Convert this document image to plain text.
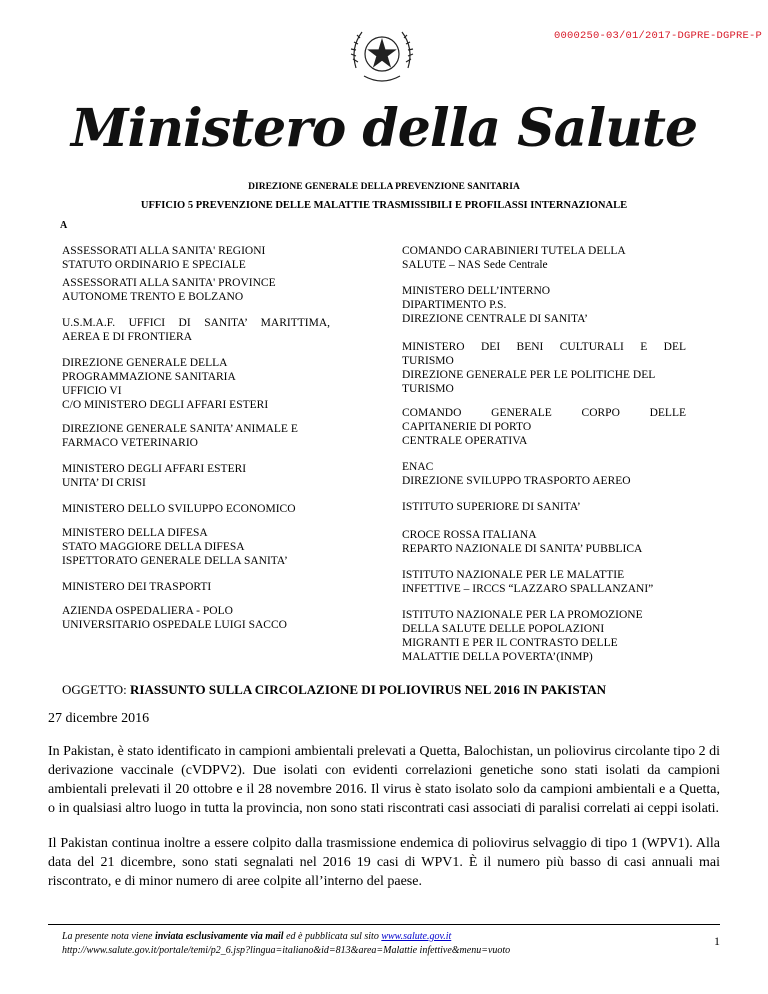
0000250-03/01/2017-DGPRE-DGPRE-P
Ministero della Salute
DIREZIONE GENERALE DELLA PREVENZIONE SANITARIA
UFFICIO 5 PREVENZIONE DELLE MALATTIE TRASMISSIBILI E PROFILASSI INTERNAZIONALE
A
ASSESSORATI ALLA SANITA' REGIONI
STATUTO ORDINARIO E SPECIALE
ASSESSORATI ALLA SANITA' PROVINCE
AUTONOME TRENTO E BOLZANO
U.S.M.A.F. UFFICI DI SANITA’ MARITTIMA,
AEREA E DI FRONTIERA
DIREZIONE GENERALE DELLA
PROGRAMMAZIONE SANITARIA
UFFICIO VI
C/O MINISTERO DEGLI AFFARI ESTERI
DIREZIONE GENERALE SANITA’ ANIMALE E
FARMACO VETERINARIO
MINISTERO DEGLI AFFARI ESTERI
UNITA’ DI CRISI
MINISTERO DELLO SVILUPPO ECONOMICO
MINISTERO DELLA DIFESA
STATO MAGGIORE DELLA DIFESA
ISPETTORATO GENERALE DELLA SANITA’
MINISTERO DEI TRASPORTI
AZIENDA OSPEDALIERA - POLO
UNIVERSITARIO OSPEDALE LUIGI SACCO
COMANDO CARABINIERI TUTELA DELLA
SALUTE – NAS Sede Centrale
MINISTERO DELL’INTERNO
DIPARTIMENTO P.S.
DIREZIONE CENTRALE DI SANITA’
MINISTERO DEI BENI CULTURALI E DEL
TURISMO
DIREZIONE GENERALE PER LE POLITICHE DEL
TURISMO
COMANDO GENERALE CORPO DELLE
CAPITANERIE DI PORTO
CENTRALE OPERATIVA
ENAC
DIREZIONE SVILUPPO TRASPORTO AEREO
ISTITUTO SUPERIORE DI SANITA’
CROCE ROSSA ITALIANA
REPARTO NAZIONALE DI SANITA’ PUBBLICA
ISTITUTO NAZIONALE PER LE MALATTIE
INFETTIVE – IRCCS “LAZZARO SPALLANZANI”
ISTITUTO NAZIONALE PER LA PROMOZIONE
DELLA SALUTE DELLE POPOLAZIONI
MIGRANTI E PER IL CONTRASTO DELLE
MALATTIE DELLA POVERTA’(INMP)
OGGETTO: RIASSUNTO SULLA CIRCOLAZIONE DI POLIOVIRUS NEL 2016 IN PAKISTAN
27 dicembre 2016
In Pakistan, è stato identificato in campioni ambientali prelevati a Quetta, Balochistan, un poliovirus circolante tipo 2 di derivazione vaccinale (cVDPV2). Due isolati con evidenti correlazioni genetiche sono stati isolati da campioni ambientali prelevati il 20 ottobre e il 28 novembre 2016. Il virus è stato isolato solo da campioni ambientali e a Quetta, o in qualsiasi altro luogo in tutta la provincia, non sono stati riscontrati casi associati di paralisi correlati ai ceppi isolati.
Il Pakistan continua inoltre a essere colpito dalla trasmissione endemica di poliovirus selvaggio di tipo 1 (WPV1). Alla data del 21 dicembre, sono stati segnalati nel 2016 19 casi di WPV1. È il numero più basso di casi annuali mai riscontrato, e di minor numero di aree colpite all’interno del paese.
La presente nota viene inviata esclusivamente via mail ed è pubblicata sul sito www.salute.gov.it
http://www.salute.gov.it/portale/temi/p2_6.jsp?lingua=italiano&id=813&area=Malattie infettive&menu=vuoto
1
